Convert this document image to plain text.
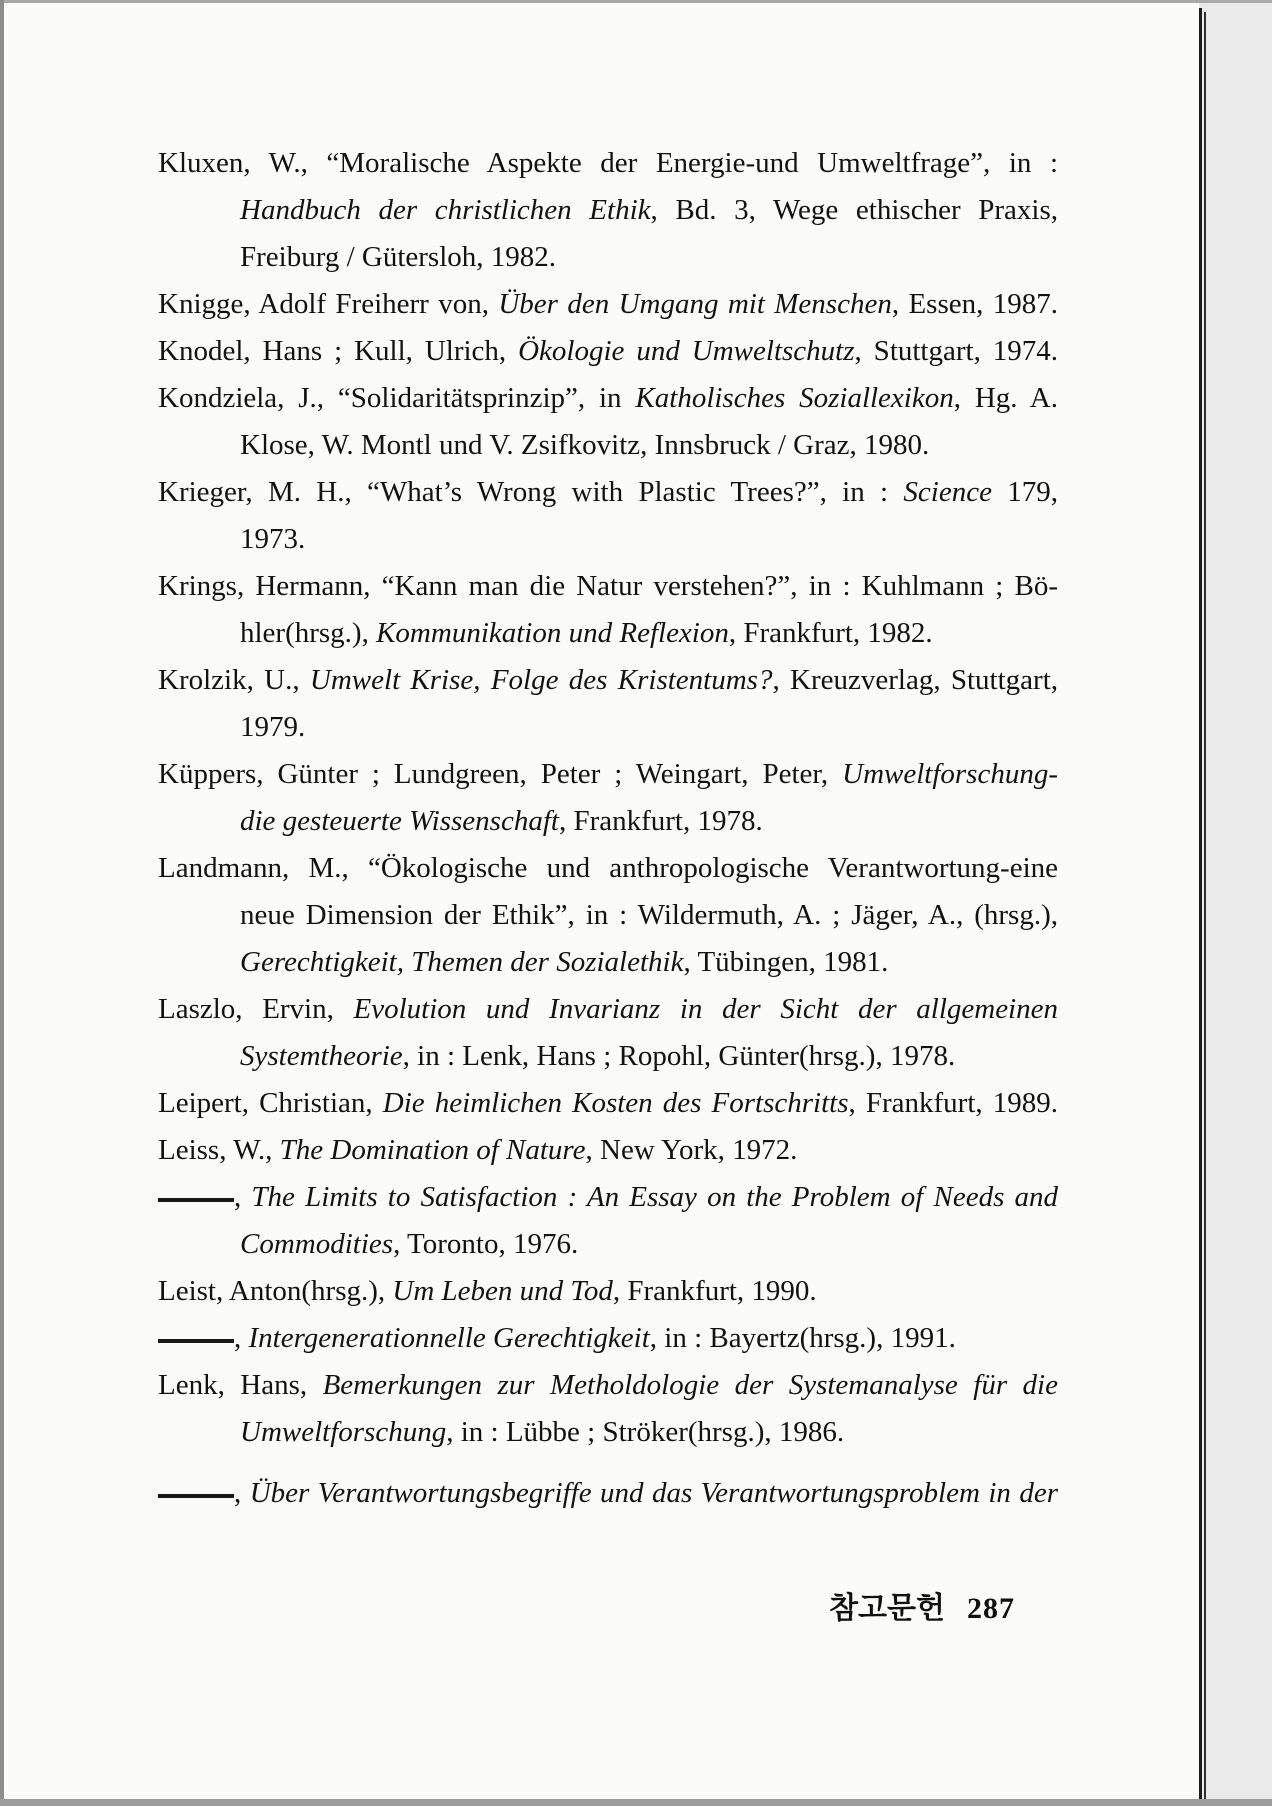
Kluxen, W., “Moralische Aspekte der Energie-und Umweltfrage”, in :
Handbuch der christlichen Ethik, Bd. 3, Wege ethischer Praxis,
Freiburg / Gütersloh, 1982.
Knigge, Adolf Freiherr von, Über den Umgang mit Menschen, Essen, 1987.
Knodel, Hans ; Kull, Ulrich, Ökologie und Umweltschutz, Stuttgart, 1974.
Kondziela, J., “Solidaritätsprinzip”, in Katholisches Soziallexikon, Hg. A.
Klose, W. Montl und V. Zsifkovitz, Innsbruck / Graz, 1980.
Krieger, M. H., “What’s Wrong with Plastic Trees?”, in : Science 179,
1973.
Krings, Hermann, “Kann man die Natur verstehen?”, in : Kuhlmann ; Bö-
hler(hrsg.), Kommunikation und Reflexion, Frankfurt, 1982.
Krolzik, U., Umwelt Krise, Folge des Kristentums?, Kreuzverlag, Stuttgart,
1979.
Küppers, Günter ; Lundgreen, Peter ; Weingart, Peter, Umweltforschung-
die gesteuerte Wissenschaft, Frankfurt, 1978.
Landmann, M., “Ökologische und anthropologische Verantwortung-eine
neue Dimension der Ethik”, in : Wildermuth, A. ; Jäger, A., (hrsg.),
Gerechtigkeit, Themen der Sozialethik, Tübingen, 1981.
Laszlo, Ervin, Evolution und Invarianz in der Sicht der allgemeinen
Systemtheorie, in : Lenk, Hans ; Ropohl, Günter(hrsg.), 1978.
Leipert, Christian, Die heimlichen Kosten des Fortschritts, Frankfurt, 1989.
Leiss, W., The Domination of Nature, New York, 1972.
, The Limits to Satisfaction : An Essay on the Problem of Needs and
Commodities, Toronto, 1976.
Leist, Anton(hrsg.), Um Leben und Tod, Frankfurt, 1990.
, Intergenerationnelle Gerechtigkeit, in : Bayertz(hrsg.), 1991.
Lenk, Hans, Bemerkungen zur Metholdologie der Systemanalyse für die
Umweltforschung, in : Lübbe ; Ströker(hrsg.), 1986.
, Über Verantwortungsbegriffe und das Verantwortungsproblem in der
참고문헌 287
